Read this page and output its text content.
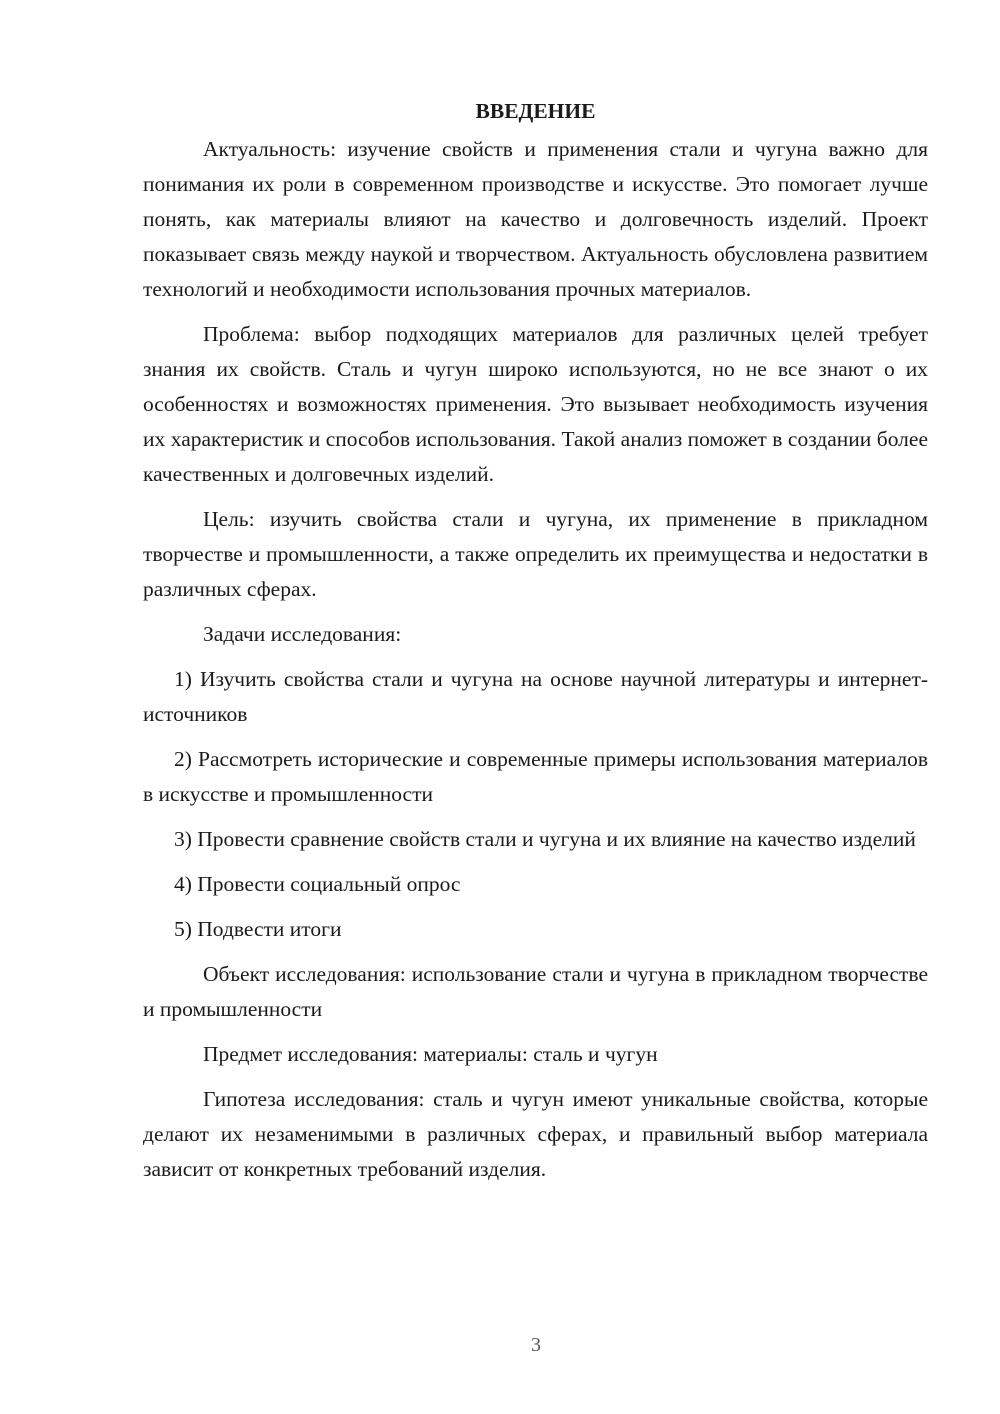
ВВЕДЕНИЕ

Актуальность: изучение свойств и применения стали и чугуна важно для понимания их роли в современном производстве и искусстве. Это помогает лучше понять, как материалы влияют на качество и долговечность изделий. Проект показывает связь между наукой и творчеством. Актуальность обусловлена развитием технологий и необходимости использования прочных материалов.

Проблема: выбор подходящих материалов для различных целей требует знания их свойств. Сталь и чугун широко используются, но не все знают о их особенностях и возможностях применения. Это вызывает необходимость изучения их характеристик и способов использования. Такой анализ поможет в создании более качественных и долговечных изделий.

Цель: изучить свойства стали и чугуна, их применение в прикладном творчестве и промышленности, а также определить их преимущества и недостатки в различных сферах.

Задачи исследования:

1) Изучить свойства стали и чугуна на основе научной литературы и интернет-источников

2) Рассмотреть исторические и современные примеры использования материалов в искусстве и промышленности

3) Провести сравнение свойств стали и чугуна и их влияние на качество изделий

4) Провести социальный опрос

5) Подвести итоги

Объект исследования: использование стали и чугуна в прикладном творчестве и промышленности

Предмет исследования: материалы: сталь и чугун

Гипотеза исследования: сталь и чугун имеют уникальные свойства, которые делают их незаменимыми в различных сферах, и правильный выбор материала зависит от конкретных требований изделия.

3
